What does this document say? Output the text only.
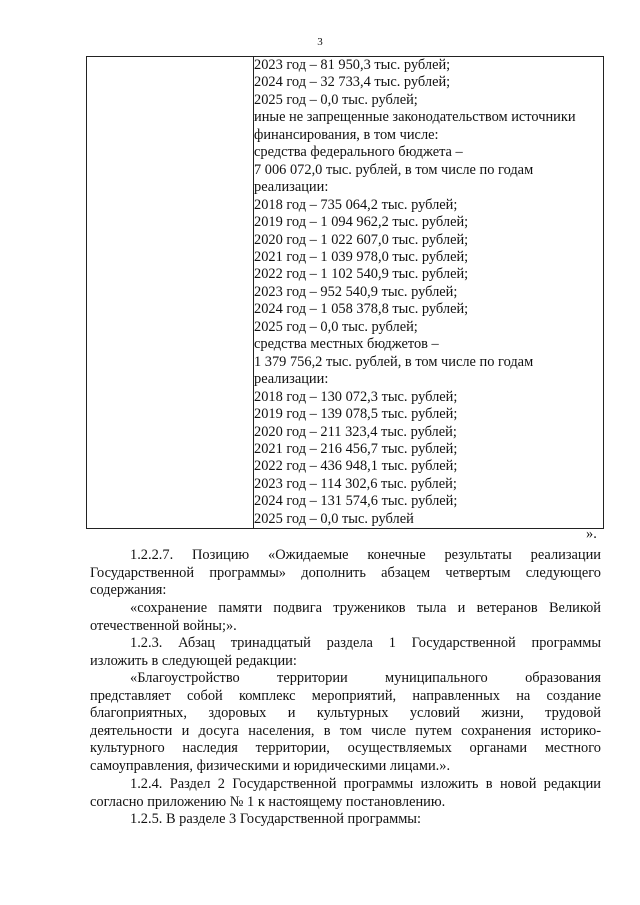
3

2023 год – 81 950,3 тыс. рублей;
2024 год – 32 733,4 тыс. рублей;
2025 год – 0,0 тыс. рублей;
иные не запрещенные законодательством источники
финансирования, в том числе:
средства федерального бюджета –
7 006 072,0 тыс. рублей, в том числе по годам
реализации:
2018 год – 735 064,2 тыс. рублей;
2019 год – 1 094 962,2 тыс. рублей;
2020 год – 1 022 607,0 тыс. рублей;
2021 год – 1 039 978,0 тыс. рублей;
2022 год – 1 102 540,9 тыс. рублей;
2023 год – 952 540,9 тыс. рублей;
2024 год – 1 058 378,8 тыс. рублей;
2025 год – 0,0 тыс. рублей;
средства местных бюджетов –
1 379 756,2 тыс. рублей, в том числе по годам
реализации:
2018 год – 130 072,3 тыс. рублей;
2019 год – 139 078,5 тыс. рублей;
2020 год – 211 323,4 тыс. рублей;
2021 год – 216 456,7 тыс. рублей;
2022 год – 436 948,1 тыс. рублей;
2023 год – 114 302,6 тыс. рублей;
2024 год – 131 574,6 тыс. рублей;
2025 год – 0,0 тыс. рублей
».
1.2.2.7. Позицию «Ожидаемые конечные результаты реализации
Государственной программы» дополнить абзацем четвертым следующего
содержания:
«сохранение памяти подвига тружеников тыла и ветеранов Великой
отечественной войны;».
1.2.3. Абзац тринадцатый раздела 1 Государственной программы
изложить в следующей редакции:
«Благоустройство территории муниципального образования
представляет собой комплекс мероприятий, направленных на создание
благоприятных, здоровых и культурных условий жизни, трудовой
деятельности и досуга населения, в том числе путем сохранения историко-
культурного наследия территории, осуществляемых органами местного
самоуправления, физическими и юридическими лицами.».
1.2.4. Раздел 2 Государственной программы изложить в новой редакции
согласно приложению № 1 к настоящему постановлению.
1.2.5. В разделе 3 Государственной программы:
